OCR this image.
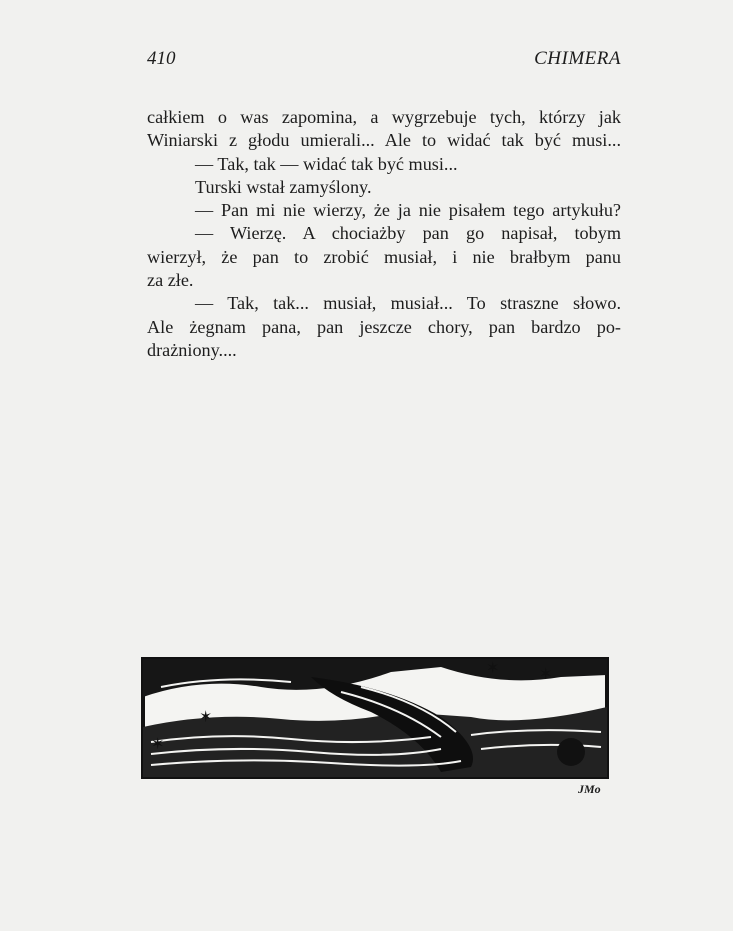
410	CHIMERA
całkiem o was zapomina, a wygrzebuje tych, którzy jak
Winiarski z głodu umierali... Ale to widać tak być musi...
— Tak, tak — widać tak być musi...
Turski wstał zamyślony.
— Pan mi nie wierzy, że ja nie pisałem tego artykułu?
— Wierzę. A chociażby pan go napisał, tobym
wierzył, że pan to zrobić musiał, i nie brałbym panu
za złe.
— Tak, tak... musiał, musiał... To straszne słowo.
Ale żegnam pana, pan jeszcze chory, pan bardzo po-
drażniony....
✶
✶
✶
✶
JMo
